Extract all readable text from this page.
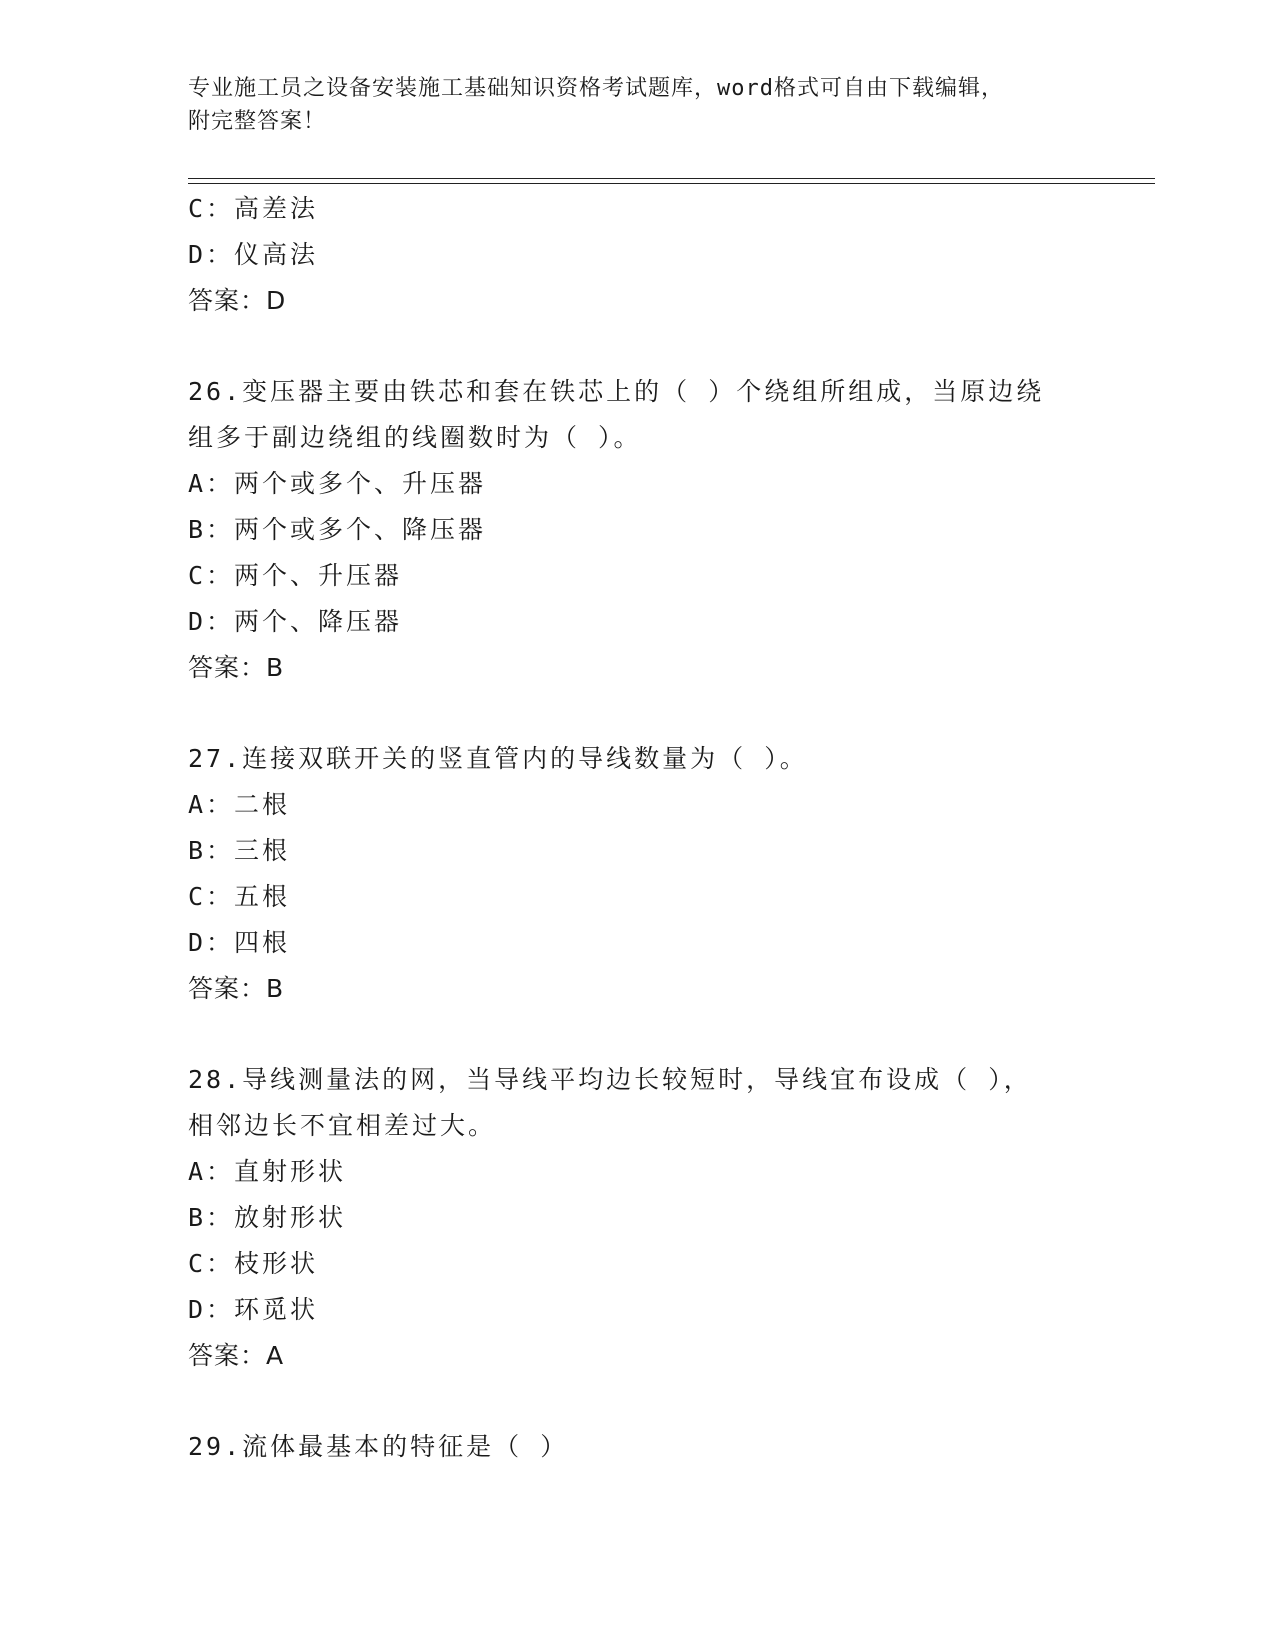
专业施工员之设备安装施工基础知识资格考试题库，word格式可自由下载编辑，
附完整答案！
C：高差法
D：仪高法
答案：D
26.变压器主要由铁芯和套在铁芯上的（ ）个绕组所组成，当原边绕
组多于副边绕组的线圈数时为（ ）。
A：两个或多个、升压器
B：两个或多个、降压器
C：两个、升压器
D：两个、降压器
答案：B
27.连接双联开关的竖直管内的导线数量为（ ）。
A：二根
B：三根
C：五根
D：四根
答案：B
28.导线测量法的网，当导线平均边长较短时，导线宜布设成（ ），
相邻边长不宜相差过大。
A：直射形状
B：放射形状
C：枝形状
D：环觅状
答案：A
29.流体最基本的特征是（ ）
